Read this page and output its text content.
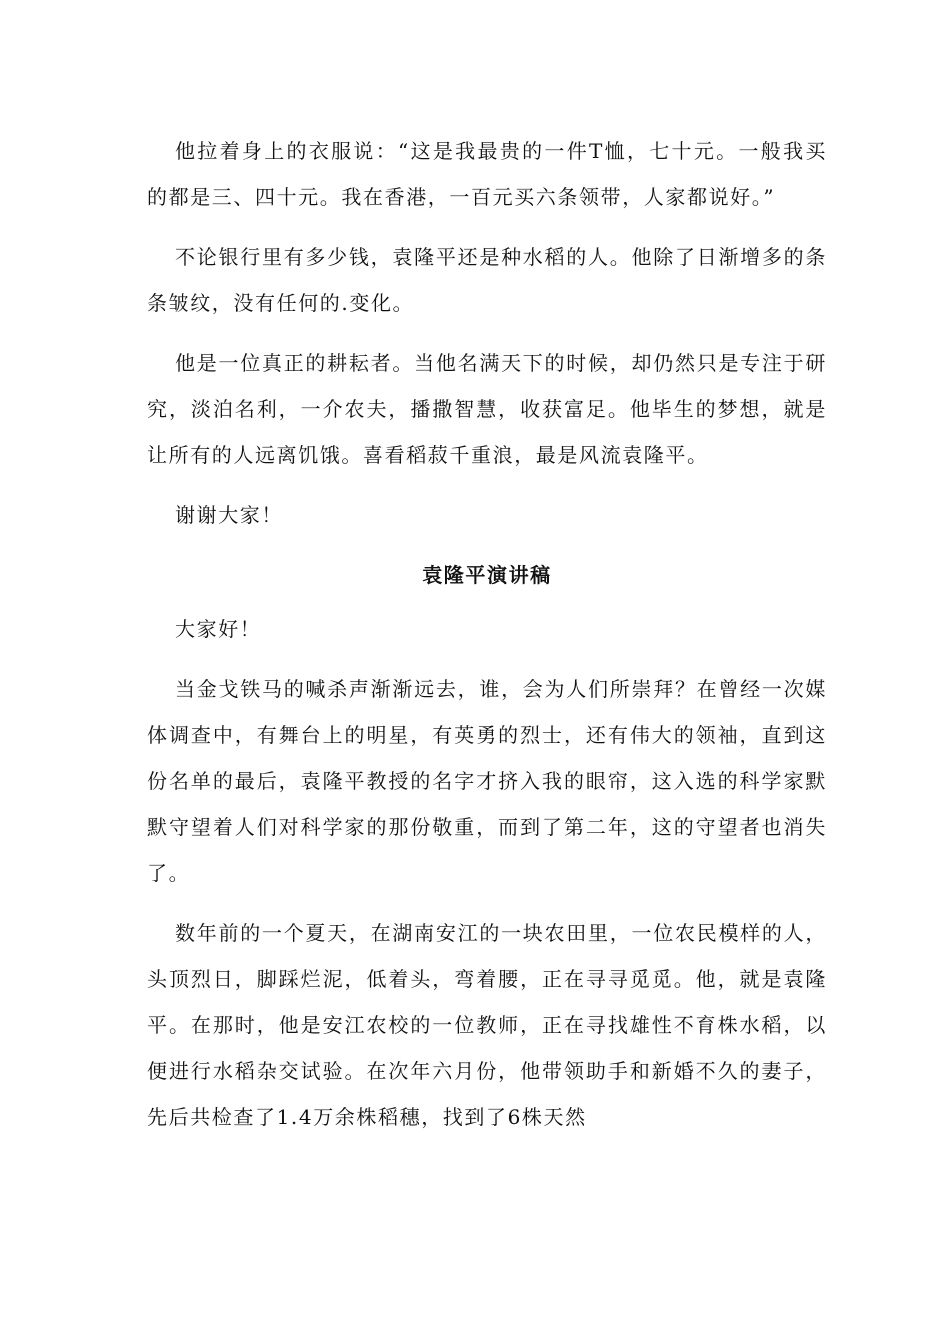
他拉着身上的衣服说：“这是我最贵的一件T恤，七十元。一般我买的都是三、四十元。我在香港，一百元买六条领带，人家都说好。”

不论银行里有多少钱，袁隆平还是种水稻的人。他除了日渐增多的条条皱纹，没有任何的.变化。

他是一位真正的耕耘者。当他名满天下的时候，却仍然只是专注于研究，淡泊名利，一介农夫，播撒智慧，收获富足。他毕生的梦想，就是让所有的人远离饥饿。喜看稻菽千重浪，最是风流袁隆平。

谢谢大家！

袁隆平演讲稿

大家好！

当金戈铁马的喊杀声渐渐远去，谁，会为人们所崇拜？在曾经一次媒体调查中，有舞台上的明星，有英勇的烈士，还有伟大的领袖，直到这份名单的最后，袁隆平教授的名字才挤入我的眼帘，这入选的科学家默默守望着人们对科学家的那份敬重，而到了第二年，这的守望者也消失了。

数年前的一个夏天，在湖南安江的一块农田里，一位农民模样的人，头顶烈日，脚踩烂泥，低着头，弯着腰，正在寻寻觅觅。他，就是袁隆平。在那时，他是安江农校的一位教师，正在寻找雄性不育株水稻，以便进行水稻杂交试验。在次年六月份，他带领助手和新婚不久的妻子，先后共检查了1.4万余株稻穗，找到了6株天然
